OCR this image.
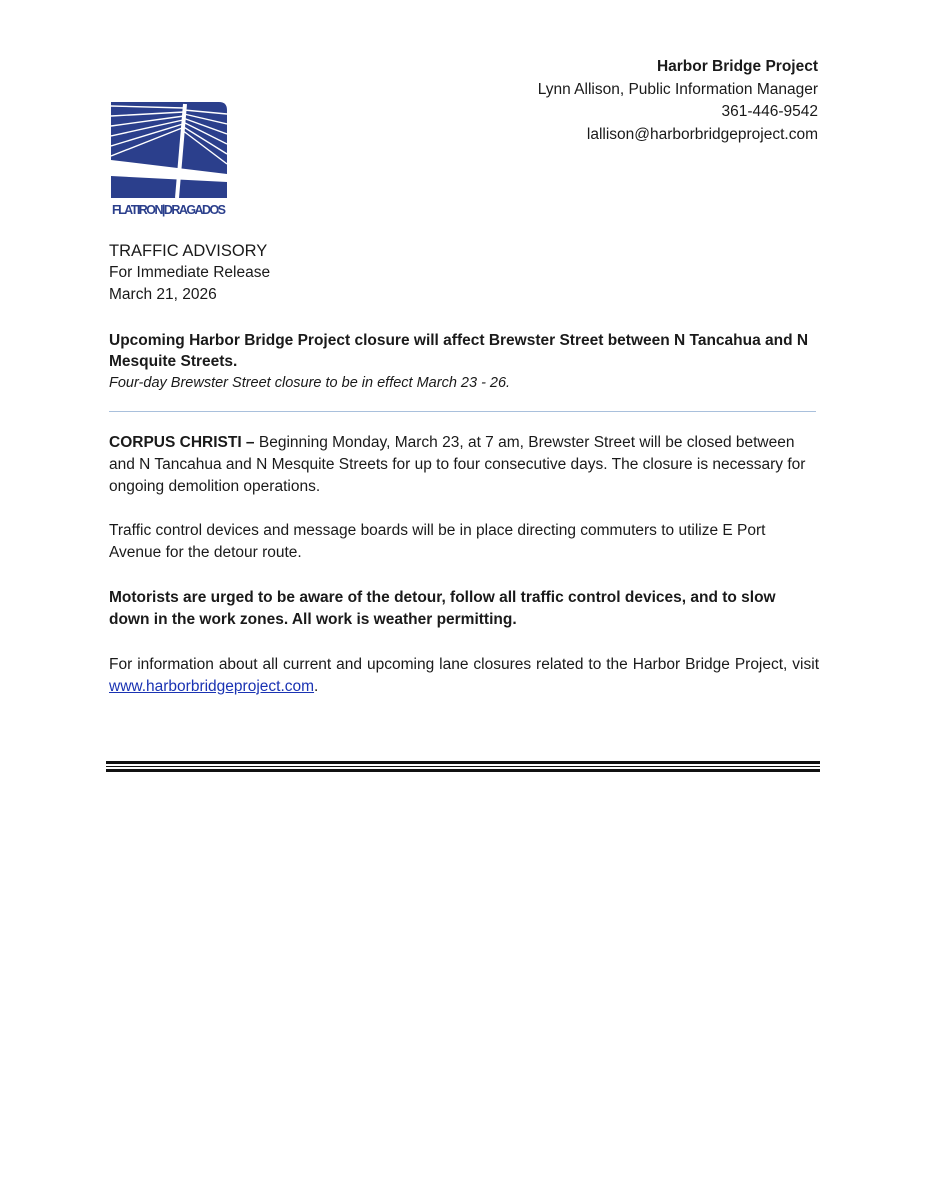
Harbor Bridge Project
Lynn Allison, Public Information Manager
361-446-9542
lallison@harborbridgeproject.com
FLATIRON|DRAGADOS
TRAFFIC ADVISORY
For Immediate Release
March 21, 2026
Upcoming Harbor Bridge Project closure will affect Brewster Street between N Tancahua and N Mesquite Streets.
Four-day Brewster Street closure to be in effect March 23 - 26.
CORPUS CHRISTI – Beginning Monday, March 23, at 7 am, Brewster Street will be closed between and N Tancahua and N Mesquite Streets for up to four consecutive days. The closure is necessary for ongoing demolition operations.
Traffic control devices and message boards will be in place directing commuters to utilize E Port Avenue for the detour route.
Motorists are urged to be aware of the detour, follow all traffic control devices, and to slow down in the work zones. All work is weather permitting.
For information about all current and upcoming lane closures related to the Harbor Bridge Project, visit www.harborbridgeproject.com.
